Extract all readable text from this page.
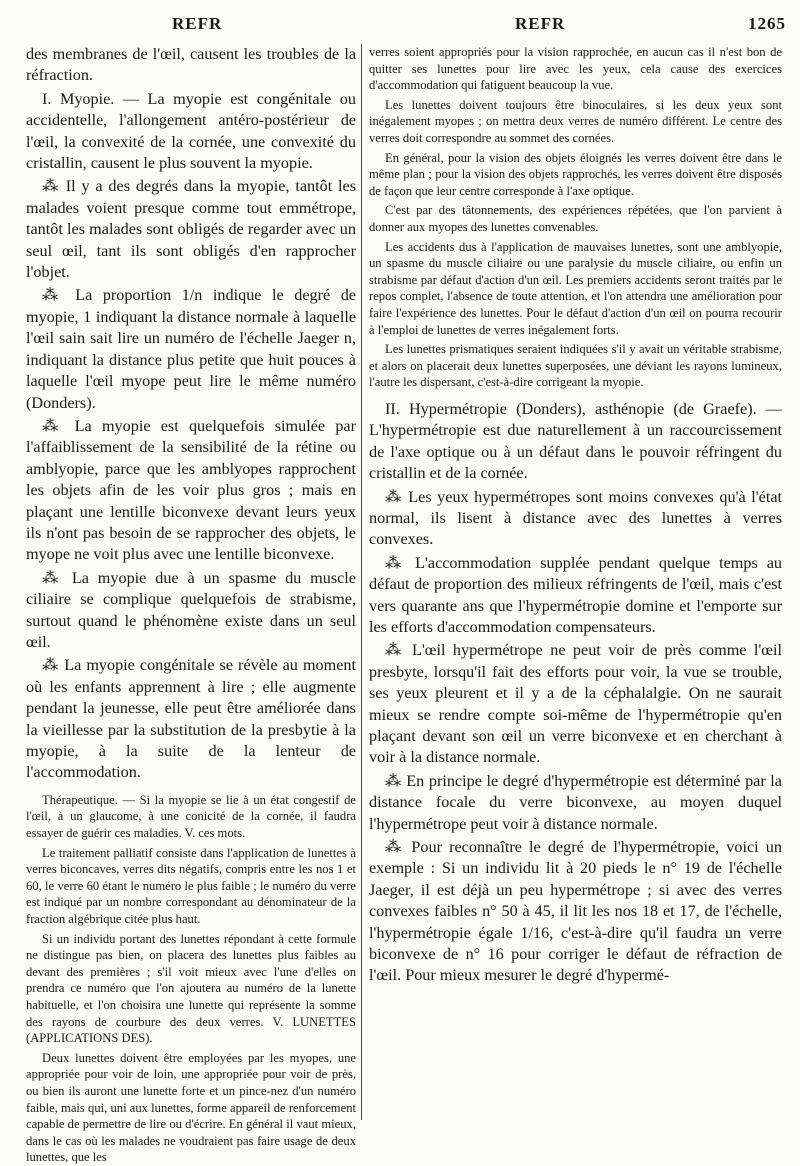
REFR	REFR	1265

des membranes de l'œil, causent les troubles de la réfraction.

I. Myopie. — La myopie est congénitale ou accidentelle, l'allongement antéro-postérieur de l'œil, la convexité de la cornée, une convexité du cristallin, causent le plus souvent la myopie.

⁂ Il y a des degrés dans la myopie, tantôt les malades voient presque comme tout emmétrope, tantôt les malades sont obligés de regarder avec un seul œil, tant ils sont obligés d'en rapprocher l'objet.

⁂ La proportion 1/n indique le degré de myopie, 1 indiquant la distance normale à laquelle l'œil sain sait lire un numéro de l'échelle Jaeger n, indiquant la distance plus petite que huit pouces à laquelle l'œil myope peut lire le même numéro (Donders).

⁂ La myopie est quelquefois simulée par l'affaiblissement de la sensibilité de la rétine ou amblyopie, parce que les amblyopes rapprochent les objets afin de les voir plus gros ; mais en plaçant une lentille biconvexe devant leurs yeux ils n'ont pas besoin de se rapprocher des objets, le myope ne voit plus avec une lentille biconvexe.

⁂ La myopie due à un spasme du muscle ciliaire se complique quelquefois de strabisme, surtout quand le phénomène existe dans un seul œil.

⁂ La myopie congénitale se révèle au moment où les enfants apprennent à lire ; elle augmente pendant la jeunesse, elle peut être améliorée dans la vieillesse par la substitution de la presbytie à la myopie, à la suite de la lenteur de l'accommodation.

Thérapeutique. — Si la myopie se lie à un état congestif de l'œil, à un glaucome, à une conicité de la cornée, il faudra essayer de guérir ces maladies. V. ces mots.

Le traitement palliatif consiste dans l'application de lunettes à verres biconcaves, verres dits négatifs, compris entre les nos 1 et 60, le verre 60 étant le numéro le plus faible ; le numéro du verre est indiqué par un nombre correspondant au dénominateur de la fraction algébrique citée plus haut.

Si un individu portant des lunettes répondant à cette formule ne distingue pas bien, on placera des lunettes plus faibles au devant des premières ; s'il voit mieux avec l'une d'elles on prendra ce numéro que l'on ajoutera au numéro de la lunette habituelle, et l'on choisira une lunette qui représente la somme des rayons de courbure des deux verres. V. LUNETTES (APPLICATIONS DES).

Deux lunettes doivent être employées par les myopes, une appropriée pour voir de loin, une appropriée pour voir de près, ou bien ils auront une lunette forte et un pince-nez d'un numéro faible, mais qui, uni aux lunettes, forme appareil de renforcement capable de permettre de lire ou d'écrire. En général il vaut mieux, dans le cas où les malades ne voudraient pas faire usage de deux lunettes, que les

verres soient appropriés pour la vision rapprochée, en aucun cas il n'est bon de quitter ses lunettes pour lire avec les yeux, cela cause des exercices d'accommodation qui fatiguent beaucoup la vue.

Les lunettes doivent toujours être binoculaires, si les deux yeux sont inégalement myopes ; on mettra deux verres de numéro différent. Le centre des verres doit correspondre au sommet des cornées.

En général, pour la vision des objets éloignés les verres doivent être dans le même plan ; pour la vision des objets rapprochés, les verres doivent être disposés de façon que leur centre corresponde à l'axe optique.

C'est par des tâtonnements, des expériences répétées, que l'on parvient à donner aux myopes des lunettes convenables.

Les accidents dus à l'application de mauvaises lunettes, sont une amblyopie, un spasme du muscle ciliaire ou une paralysie du muscle ciliaire, ou enfin un strabisme par défaut d'action d'un œil. Les premiers accidents seront traités par le repos complet, l'absence de toute attention, et l'on attendra une amélioration pour faire l'expérience des lunettes. Pour le défaut d'action d'un œil on pourra recourir à l'emploi de lunettes de verres inégalement forts.

Les lunettes prismatiques seraient indiquées s'il y avait un véritable strabisme, et alors on placerait deux lunettes superposées, une déviant les rayons lumineux, l'autre les dispersant, c'est-à-dire corrigeant la myopie.

II. Hypermétropie (Donders), asthénopie (de Graefe). — L'hypermétropie est due naturellement à un raccourcissement de l'axe optique ou à un défaut dans le pouvoir réfringent du cristallin et de la cornée.

⁂ Les yeux hypermétropes sont moins convexes qu'à l'état normal, ils lisent à distance avec des lunettes à verres convexes.

⁂ L'accommodation supplée pendant quelque temps au défaut de proportion des milieux réfringents de l'œil, mais c'est vers quarante ans que l'hypermétropie domine et l'emporte sur les efforts d'accommodation compensateurs.

⁂ L'œil hypermétrope ne peut voir de près comme l'œil presbyte, lorsqu'il fait des efforts pour voir, la vue se trouble, ses yeux pleurent et il y a de la céphalalgie. On ne saurait mieux se rendre compte soi-même de l'hypermétropie qu'en plaçant devant son œil un verre biconvexe et en cherchant à voir à la distance normale.

⁂ En principe le degré d'hypermétropie est déterminé par la distance focale du verre biconvexe, au moyen duquel l'hypermétrope peut voir à distance normale.

⁂ Pour reconnaître le degré de l'hypermétropie, voici un exemple : Si un individu lit à 20 pieds le n° 19 de l'échelle Jaeger, il est déjà un peu hypermétrope ; si avec des verres convexes faibles n° 50 à 45, il lit les nos 18 et 17, de l'échelle, l'hypermétropie égale 1/16, c'est-à-dire qu'il faudra un verre biconvexe de n° 16 pour corriger le défaut de réfraction de l'œil. Pour mieux mesurer le degré d'hypermé-
